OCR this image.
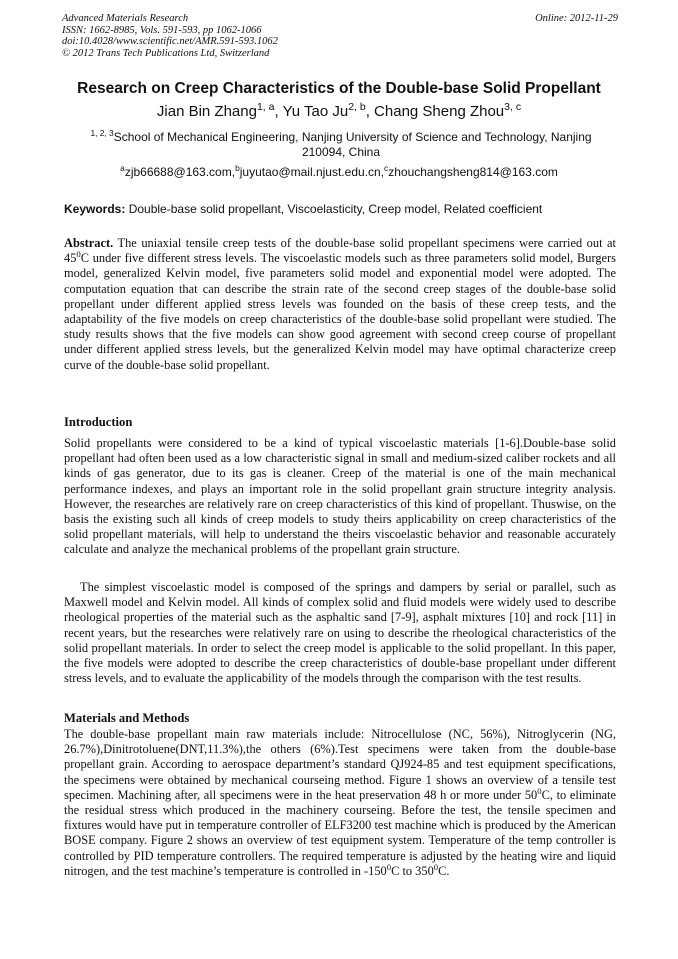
Advanced Materials Research
ISSN: 1662-8985, Vols. 591-593, pp 1062-1066
doi:10.4028/www.scientific.net/AMR.591-593.1062
© 2012 Trans Tech Publications Ltd, Switzerland
Online: 2012-11-29
Research on Creep Characteristics of the Double-base Solid Propellant
Jian Bin Zhang$^{1, a}$, Yu Tao Ju$^{2, b}$, Chang Sheng Zhou$^{3, c}$
$^{1, 2, 3}$School of Mechanical Engineering, Nanjing University of Science and Technology, Nanjing 210094, China
$^a$zjb66688@163.com,$^b$juyutao@mail.njust.edu.cn,$^c$zhouchangsheng814@163.com
Keywords: Double-base solid propellant, Viscoelasticity, Creep model, Related coefficient
Abstract. The uniaxial tensile creep tests of the double-base solid propellant specimens were carried out at $45^0C$ under five different stress levels. The viscoelastic models such as three parameters solid model, Burgers model, generalized Kelvin model, five parameters solid model and exponential model were adopted. The computation equation that can describe the strain rate of the second creep stages of the double-base solid propellant under different applied stress levels was founded on the basis of these creep tests, and the adaptability of the five models on creep characteristics of the double-base solid propellant were studied. The study results shows that the five models can show good agreement with second creep course of propellant under different applied stress levels, but the generalized Kelvin model may have optimal characterize creep curve of the double-base solid propellant.
Introduction
Solid propellants were considered to be a kind of typical viscoelastic materials [1-6].Double-base solid propellant had often been used as a low characteristic signal in small and medium-sized caliber rockets and all kinds of gas generator, due to its gas is cleaner. Creep of the material is one of the main mechanical performance indexes, and plays an important role in the solid propellant grain structure integrity analysis. However, the researches are relatively rare on creep characteristics of this kind of propellant. Thuswise, on the basis the existing such all kinds of creep models to study theirs applicability on creep characteristics of the solid propellant materials, will help to understand the theirs viscoelastic behavior and reasonable accurately calculate and analyze the mechanical problems of the propellant grain structure.
The simplest viscoelastic model is composed of the springs and dampers by serial or parallel, such as Maxwell model and Kelvin model. All kinds of complex solid and fluid models were widely used to describe rheological properties of the material such as the asphaltic sand [7-9], asphalt mixtures [10] and rock [11] in recent years, but the researches were relatively rare on using to describe the rheological characteristics of the solid propellant materials. In order to select the creep model is applicable to the solid propellant. In this paper, the five models were adopted to describe the creep characteristics of double-base propellant under different stress levels, and to evaluate the applicability of the models through the comparison with the test results.
Materials and Methods
The double-base propellant main raw materials include: Nitrocellulose (NC, 56%), Nitroglycerin (NG, 26.7%),Dinitrotoluene(DNT,11.3%),the others (6%).Test specimens were taken from the double-base propellant grain. According to aerospace department’s standard QJ924-85 and test equipment specifications, the specimens were obtained by mechanical courseing method. Figure 1 shows an overview of a tensile test specimen. Machining after, all specimens were in the heat preservation 48 h or more under $50^0C$, to eliminate the residual stress which produced in the machinery courseing. Before the test, the tensile specimen and fixtures would have put in temperature controller of ELF3200 test machine which is produced by the American BOSE company. Figure 2 shows an overview of test equipment system. Temperature of the temp controller is controlled by PID temperature controllers. The required temperature is adjusted by the heating wire and liquid nitrogen, and the test machine’s temperature is controlled in $-150^0C$ to $350^0C$.
